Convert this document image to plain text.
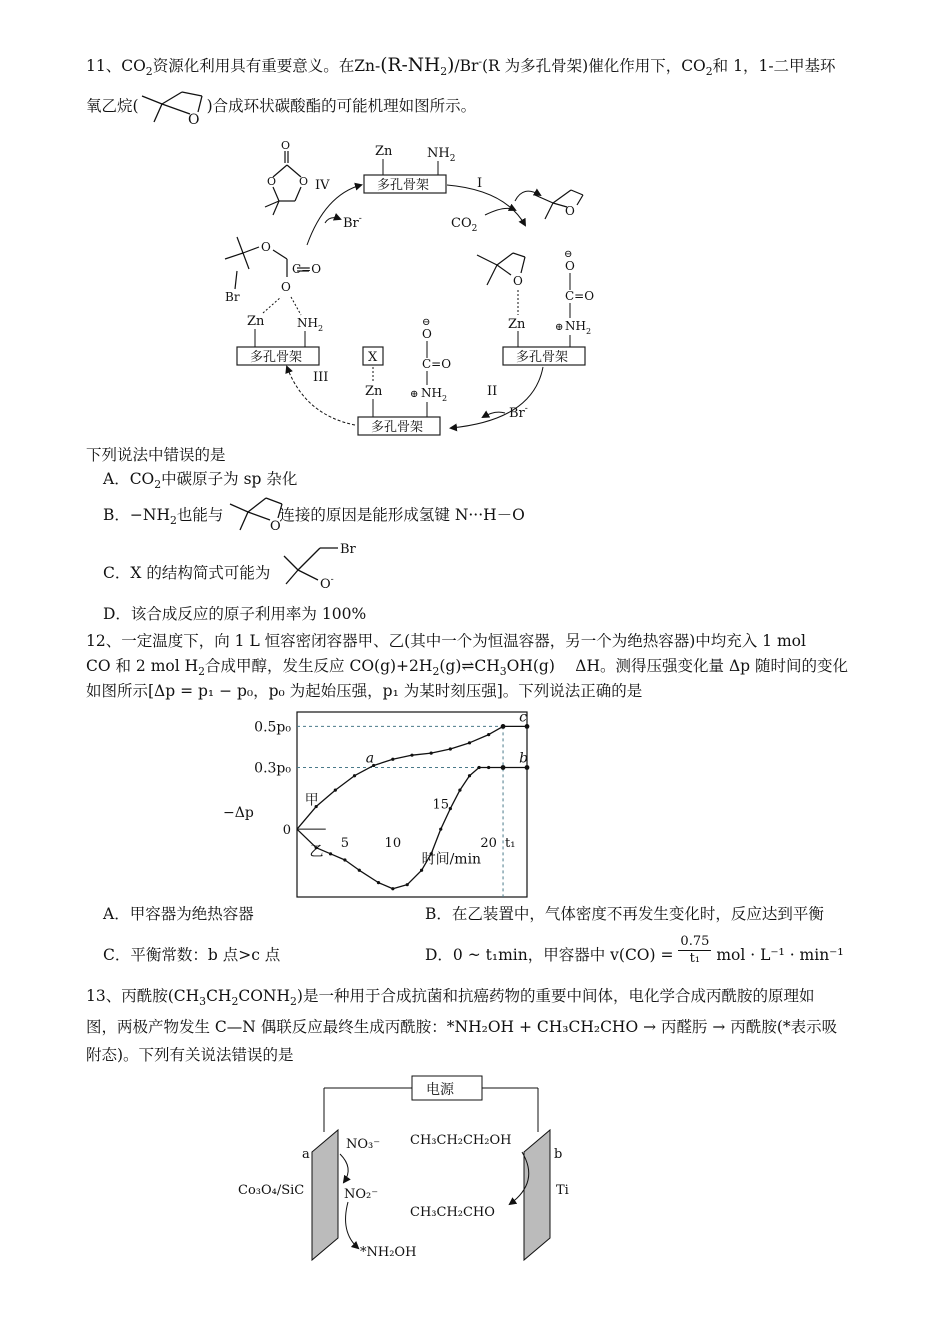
11、$CO_2$资源化利用具有重要意义。在$Zn-(R-NH_2)/Br^-(R$ 为多孔骨架)催化作用下，$CO_2$和 1，1-二甲基环
氧乙烷(	)合成环状碳酸酯的可能机理如图所示。
O
Zn	$NH_2$
多孔骨架	I
$CO_2$
O
O
Zn
⊖
O
C=O
⊕ $NH_2$
多孔骨架
II
Br-
X
Zn
⊖
O
C=O
⊕ $NH_2$
多孔骨架
III
多孔骨架
Zn	$NH_2$
O
C=O
O
Br
IV
Br-
O
O O
下列说法中错误的是
A．$CO_2$中碳原子为 sp 杂化
B．$-NH_2$也能与	连接的原因是能形成氢键 N···H－O
O
C．X 的结构简式可能为
Br
O-
D．该合成反应的原子利用率为 100%
12、一定温度下，向 1 L 恒容密闭容器甲、乙(其中一个为恒温容器，另一个为绝热容器)中均充入 1 mol
CO 和 2 mol $H_2$合成甲醇，发生反应 $CO(g)+2H_2(g)\rightleftharpoons CH_3OH(g)$　 ΔH。测得压强变化量 Δp 随时间的变化
如图所示[Δp = p₁ − p₀，p₀ 为起始压强，p₁ 为某时刻压强]。下列说法正确的是
0
0.3p₀
0.5p₀
−Δp
5	10
15
20 t₁
时间/min
甲
乙
a	b
c
A．甲容器为绝热容器	B．在乙装置中，气体密度不再发生变化时，反应达到平衡
C．平衡常数：b 点>c 点	D．0 ~ t₁min，甲容器中 $v(CO) = \frac{0.75}{\text{t₁}}$ mol · L⁻¹ · min⁻¹
13、丙酰胺$(CH_3CH_2CONH_2)$是一种用于合成抗菌和抗癌药物的重要中间体，电化学合成丙酰胺的原理如
图，两极产物发生 C—N 偶联反应最终生成丙酰胺：*NH₂OH + CH₃CH₂CHO → 丙醛肟 → 丙酰胺(*表示吸
附态)。下列有关说法错误的是
电源
a	b
Co₃O₄/SiC	Ti
NO₃⁻
NO₂⁻
*NH₂OH
CH₃CH₂CH₂OH
CH₃CH₂CHO
